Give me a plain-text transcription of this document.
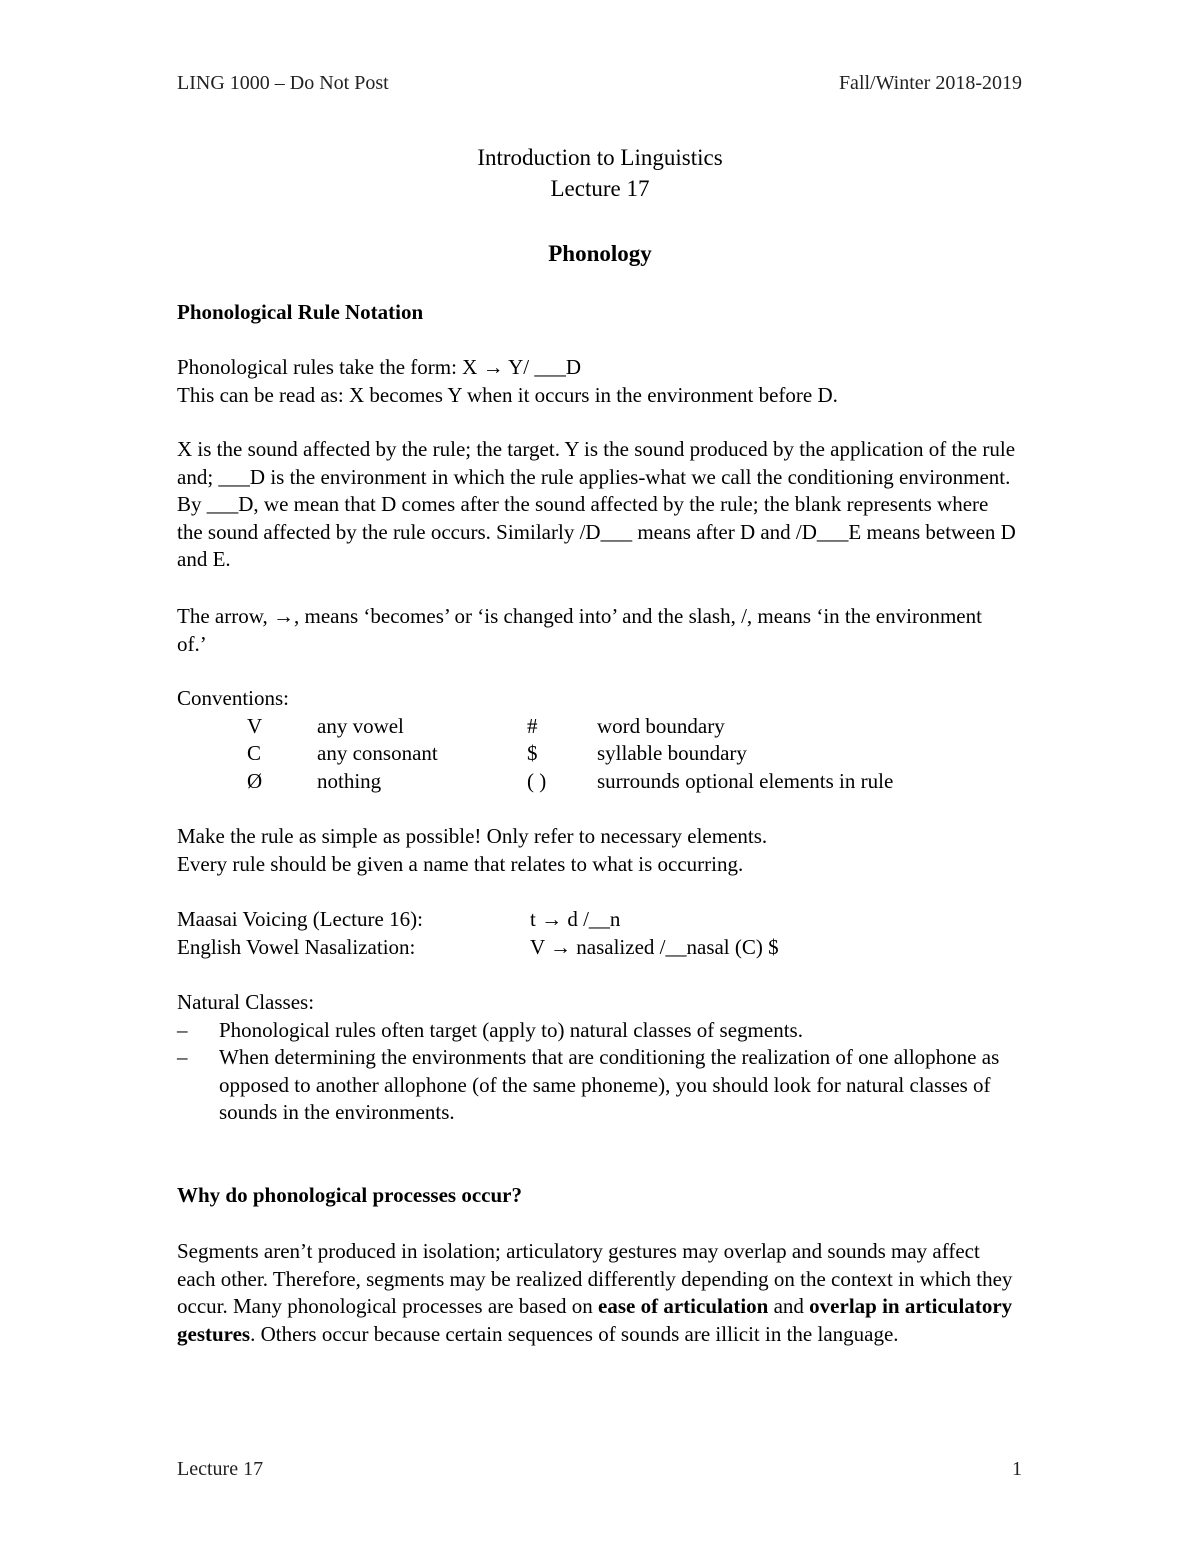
LING 1000 – Do Not Post	Fall/Winter 2018-2019
Introduction to Linguistics
Lecture 17
Phonology
Phonological Rule Notation
Phonological rules take the form: X → Y/ ___D
This can be read as: X becomes Y when it occurs in the environment before D.
X is the sound affected by the rule; the target. Y is the sound produced by the application of the rule and; ___D is the environment in which the rule applies-what we call the conditioning environment. By ___D, we mean that D comes after the sound affected by the rule; the blank represents where the sound affected by the rule occurs. Similarly /D___ means after D and /D___E means between D and E.
The arrow, →, means ‘becomes’ or ‘is changed into’ and the slash, /, means ‘in the environment of.’
Conventions:
V	any vowel	#	word boundary
C	any consonant	$	syllable boundary
Ø	nothing	( )	surrounds optional elements in rule
Make the rule as simple as possible! Only refer to necessary elements.
Every rule should be given a name that relates to what is occurring.
Maasai Voicing (Lecture 16):	t → d /__n
English Vowel Nasalization:	V → nasalized /__nasal (C) $
Natural Classes:
– Phonological rules often target (apply to) natural classes of segments.
– When determining the environments that are conditioning the realization of one allophone as opposed to another allophone (of the same phoneme), you should look for natural classes of sounds in the environments.
Why do phonological processes occur?
Segments aren’t produced in isolation; articulatory gestures may overlap and sounds may affect each other. Therefore, segments may be realized differently depending on the context in which they occur. Many phonological processes are based on ease of articulation and overlap in articulatory gestures. Others occur because certain sequences of sounds are illicit in the language.
Lecture 17	1
